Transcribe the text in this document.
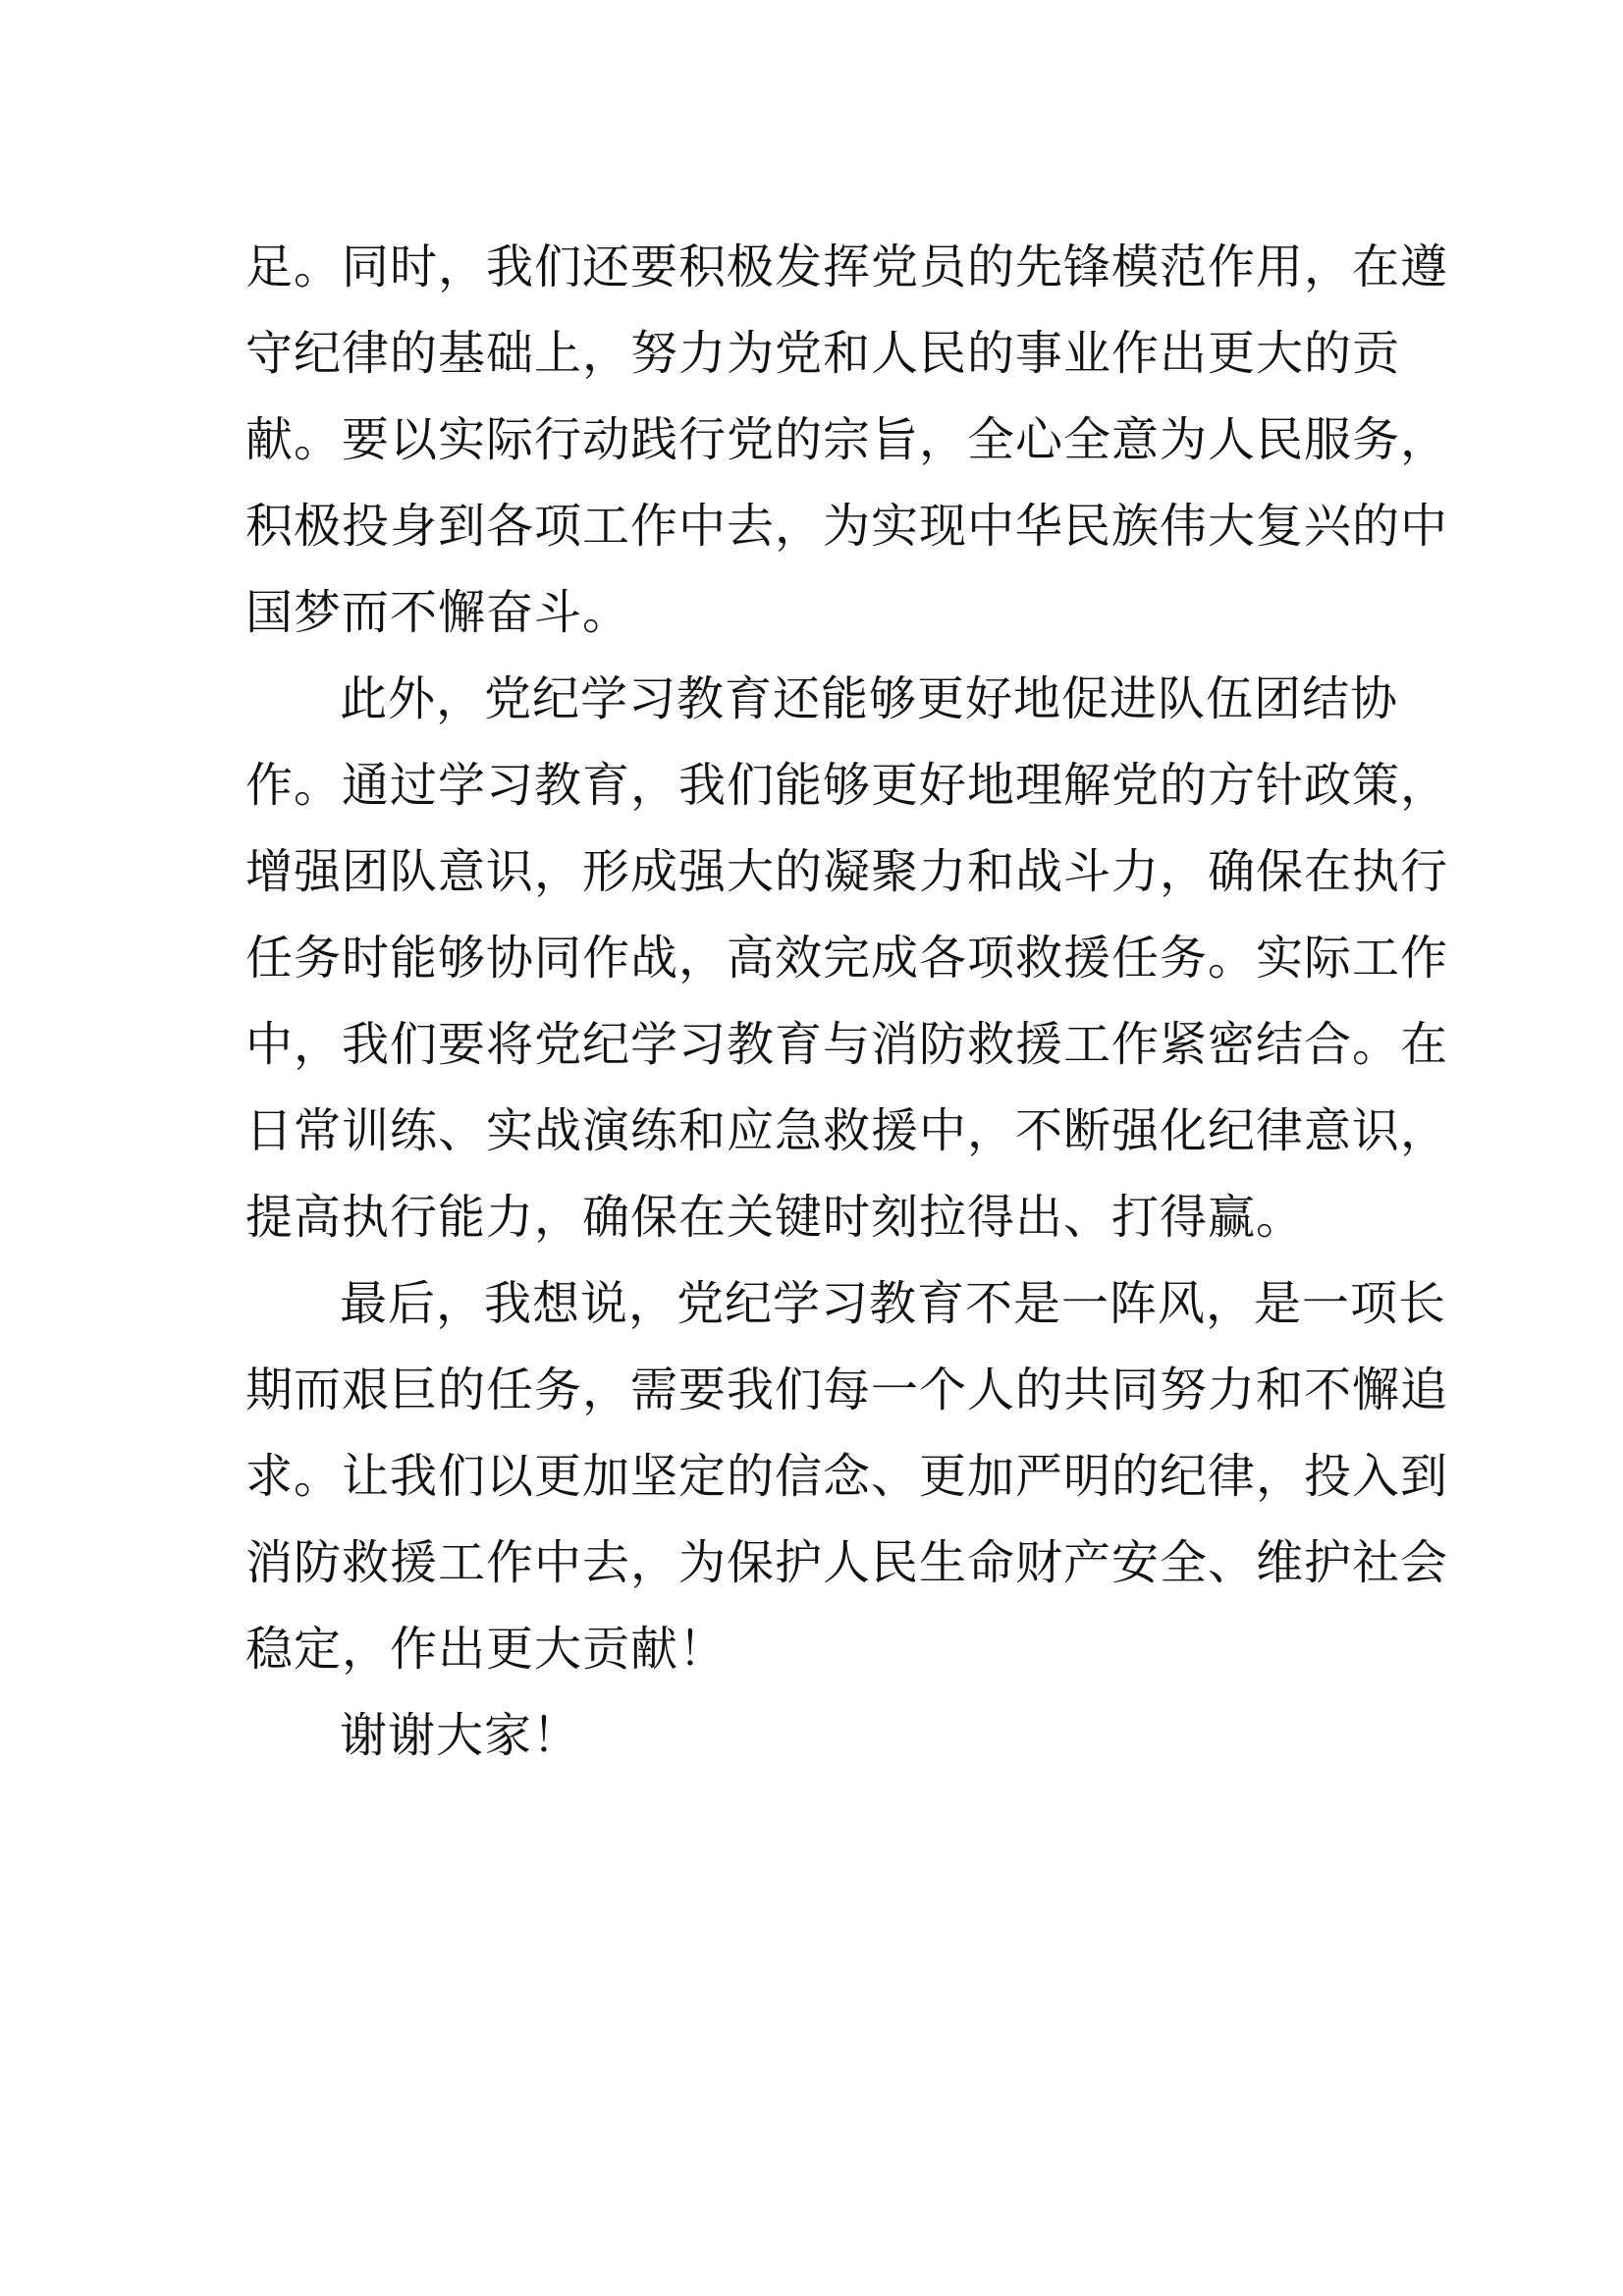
足。同时，我们还要积极发挥党员的先锋模范作用，在遵
守纪律的基础上，努力为党和人民的事业作出更大的贡
献。要以实际行动践行党的宗旨，全心全意为人民服务，
积极投身到各项工作中去，为实现中华民族伟大复兴的中
国梦而不懈奋斗。
此外，党纪学习教育还能够更好地促进队伍团结协
作。通过学习教育，我们能够更好地理解党的方针政策，
增强团队意识，形成强大的凝聚力和战斗力，确保在执行
任务时能够协同作战，高效完成各项救援任务。实际工作
中，我们要将党纪学习教育与消防救援工作紧密结合。在
日常训练、实战演练和应急救援中，不断强化纪律意识，
提高执行能力，确保在关键时刻拉得出、打得赢。
最后，我想说，党纪学习教育不是一阵风，是一项长
期而艰巨的任务，需要我们每一个人的共同努力和不懈追
求。让我们以更加坚定的信念、更加严明的纪律，投入到
消防救援工作中去，为保护人民生命财产安全、维护社会
稳定，作出更大贡献！
谢谢大家！
